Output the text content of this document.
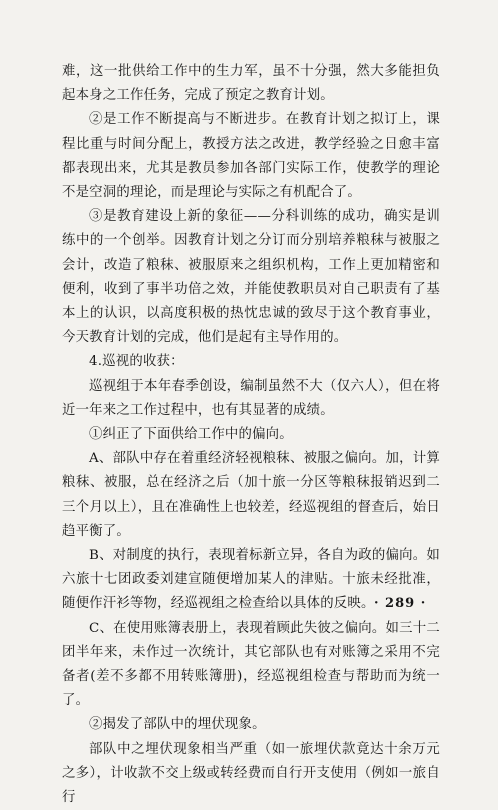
难，这一批供给工作中的生力军，虽不十分强，然大多能担负起本身之工作任务，完成了预定之教育计划。

②是工作不断提高与不断进步。在教育计划之拟订上，课程比重与时间分配上，教授方法之改进，教学经验之日愈丰富都表现出来，尤其是教员参加各部门实际工作，使教学的理论不是空洞的理论，而是理论与实际之有机配合了。

③是教育建设上新的象征——分科训练的成功，确实是训练中的一个创举。因教育计划之分订而分别培养粮秣与被服之会计，改造了粮秣、被服原来之组织机构，工作上更加精密和便利，收到了事半功倍之效，并能使教职员对自己职责有了基本上的认识，以高度积极的热忱忠诚的致尽于这个教育事业，今天教育计划的完成，他们是起有主导作用的。

4.巡视的收获：

巡视组于本年春季创设，编制虽然不大（仅六人），但在将近一年来之工作过程中，也有其显著的成绩。

①纠正了下面供给工作中的偏向。

A、部队中存在着重经济轻视粮秣、被服之偏向。加，计算粮秣、被服，总在经济之后（加十旅一分区等粮秣报销迟到二三个月以上），且在准确性上也较差，经巡视组的督查后，始日趋平衡了。

B、对制度的执行，表现着标新立异，各自为政的偏向。如六旅十七团政委刘建宣随便增加某人的津贴。十旅未经批准，随便作汗衫等物，经巡视组之检查给以具体的反映。

C、在使用账簿表册上，表现着顾此失彼之偏向。如三十二团半年来，未作过一次统计，其它部队也有对账簿之采用不完备者(差不多都不用转账簿册)，经巡视组检查与帮助而为统一了。

②揭发了部队中的埋伏现象。

部队中之埋伏现象相当严重（如一旅埋伏款竟达十余万元之多），计收款不交上级或转经费而自行开支使用（例如一旅自行

· 289 ·
